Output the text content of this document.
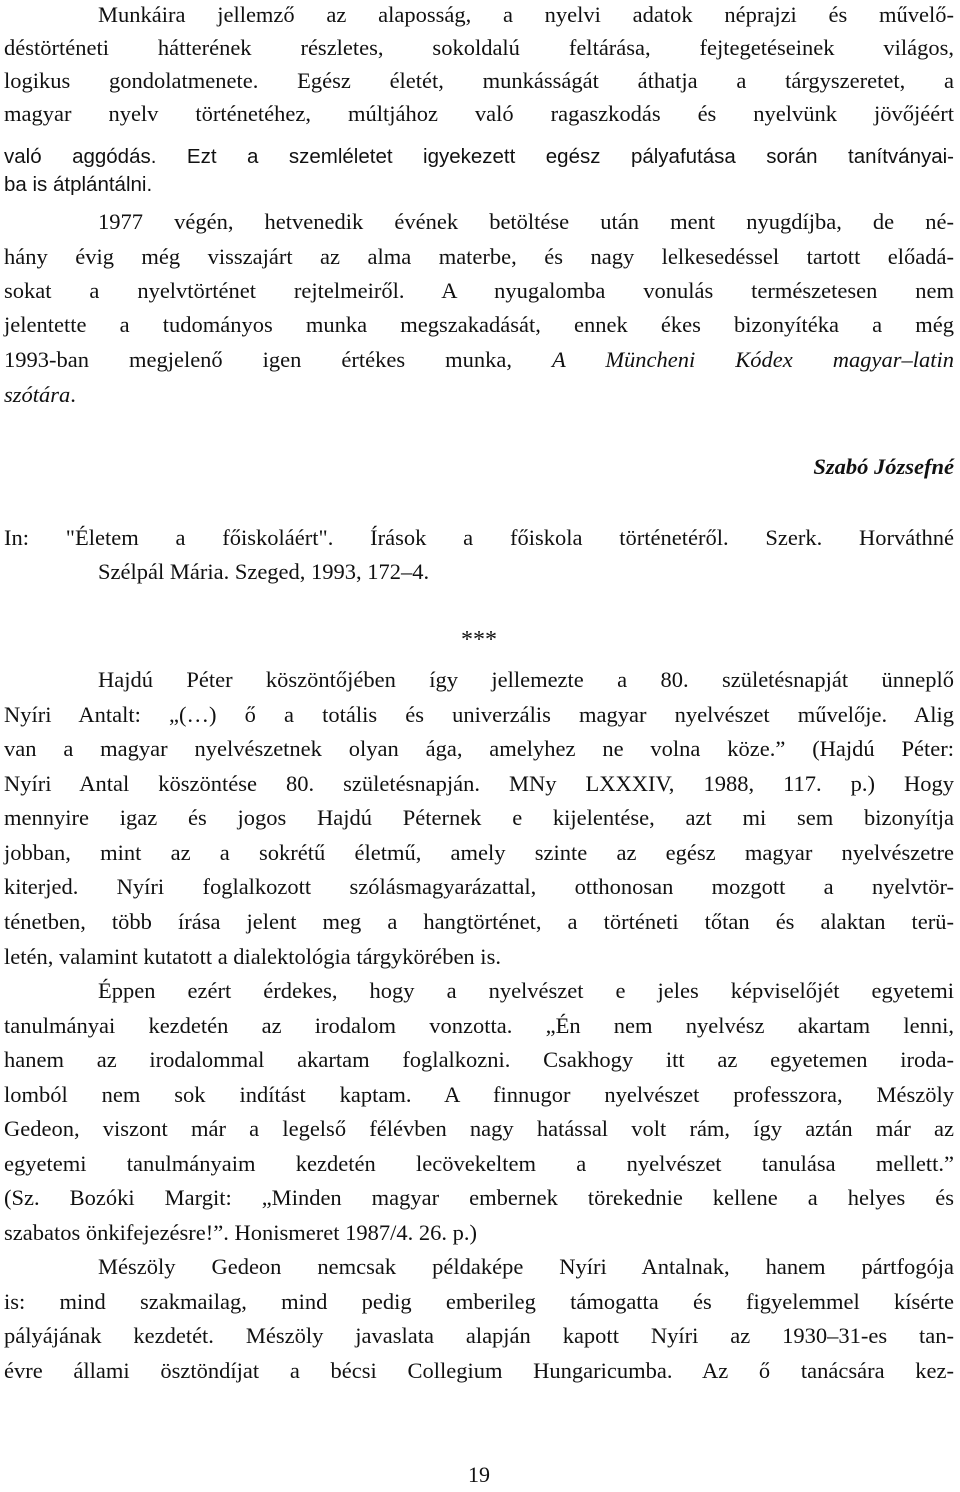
Munkáira jellemző az alaposság, a nyelvi adatok néprajzi és művelő-
déstörténeti hátterének részletes, sokoldalú feltárása, fejtegetéseinek világos,
logikus gondolatmenete. Egész életét, munkásságát áthatja a tárgyszeretet, a
magyar nyelv történetéhez, múltjához való ragaszkodás és nyelvünk jövőjéért
való aggódás. Ezt a szemléletet igyekezett egész pályafutása során tanítványai-
ba is átplántálni.
1977 végén, hetvenedik évének betöltése után ment nyugdíjba, de né-
hány évig még visszajárt az alma materbe, és nagy lelkesedéssel tartott előadá-
sokat a nyelvtörténet rejtelmeiről. A nyugalomba vonulás természetesen nem
jelentette a tudományos munka megszakadását, ennek ékes bizonyítéka a még
1993-ban megjelenő igen értékes munka, A Müncheni Kódex magyar–latin
szótára.
Szabó Józsefné
In: "Életem a főiskoláért". Írások a főiskola történetéről. Szerk. Horváthné
Szélpál Mária. Szeged, 1993, 172–4.
***
Hajdú Péter köszöntőjében így jellemezte a 80. születésnapját ünneplő
Nyíri Antalt: „(…) ő a totális és univerzális magyar nyelvészet művelője. Alig
van a magyar nyelvészetnek olyan ága, amelyhez ne volna köze.” (Hajdú Péter:
Nyíri Antal köszöntése 80. születésnapján. MNy LXXXIV, 1988, 117. p.) Hogy
mennyire igaz és jogos Hajdú Péternek e kijelentése, azt mi sem bizonyítja
jobban, mint az a sokrétű életmű, amely szinte az egész magyar nyelvészetre
kiterjed. Nyíri foglalkozott szólásmagyarázattal, otthonosan mozgott a nyelvtör-
ténetben, több írása jelent meg a hangtörténet, a történeti tőtan és alaktan terü-
letén, valamint kutatott a dialektológia tárgykörében is.
Éppen ezért érdekes, hogy a nyelvészet e jeles képviselőjét egyetemi
tanulmányai kezdetén az irodalom vonzotta. „Én nem nyelvész akartam lenni,
hanem az irodalommal akartam foglalkozni. Csakhogy itt az egyetemen iroda-
lomból nem sok indítást kaptam. A finnugor nyelvészet professzora, Mészöly
Gedeon, viszont már a legelső félévben nagy hatással volt rám, így aztán már az
egyetemi tanulmányaim kezdetén lecövekeltem a nyelvészet tanulása mellett.”
(Sz. Bozóki Margit: „Minden magyar embernek törekednie kellene a helyes és
szabatos önkifejezésre!”. Honismeret 1987/4. 26. p.)
Mészöly Gedeon nemcsak példaképe Nyíri Antalnak, hanem pártfogója
is: mind szakmailag, mind pedig emberileg támogatta és figyelemmel kísérte
pályájának kezdetét. Mészöly javaslata alapján kapott Nyíri az 1930–31-es tan-
évre állami ösztöndíjat a bécsi Collegium Hungaricumba. Az ő tanácsára kez-
19
